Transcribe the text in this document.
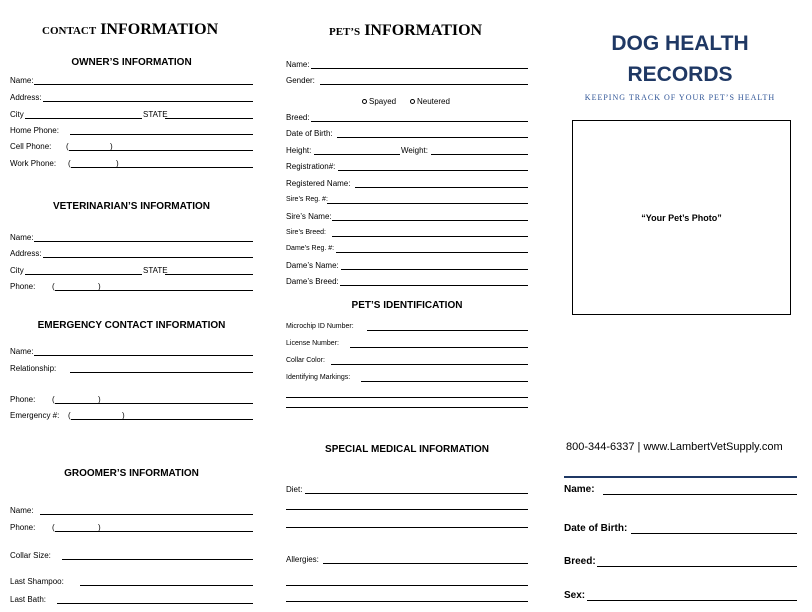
CONTACT INFORMATION
OWNER’S INFORMATION
Name:
Address:
City	STATE
Home Phone:
Cell Phone: (	)
Work Phone: (	)
VETERINARIAN’S INFORMATION
Name:
Address:
City	STATE
Phone: (	)
EMERGENCY CONTACT INFORMATION
Name:
Relationship:
Phone: (	)
Emergency #: (	)
GROOMER’S INFORMATION
Name:
Phone: (	)
Collar Size:
Last Shampoo:
Last Bath:
PET’S INFORMATION
Name:
Gender:
Spayed	Neutered
Breed:
Date of Birth:
Height:	Weight:
Registration#:
Registered Name:
Sire’s Reg. #:
Sire’s Name:
Sire’s Breed:
Dame’s Reg. #:
Dame’s Name:
Dame’s Breed:
PET’S IDENTIFICATION
Microchip ID Number:
License Number:
Collar Color:
Identifying Markings:
SPECIAL MEDICAL INFORMATION
Diet:
Allergies:
DOG HEALTH
RECORDS
KEEPING TRACK OF YOUR PET’S HEALTH
“Your Pet’s Photo”
800-344-6337 | www.LambertVetSupply.com
Name:
Date of Birth:
Breed:
Sex:
